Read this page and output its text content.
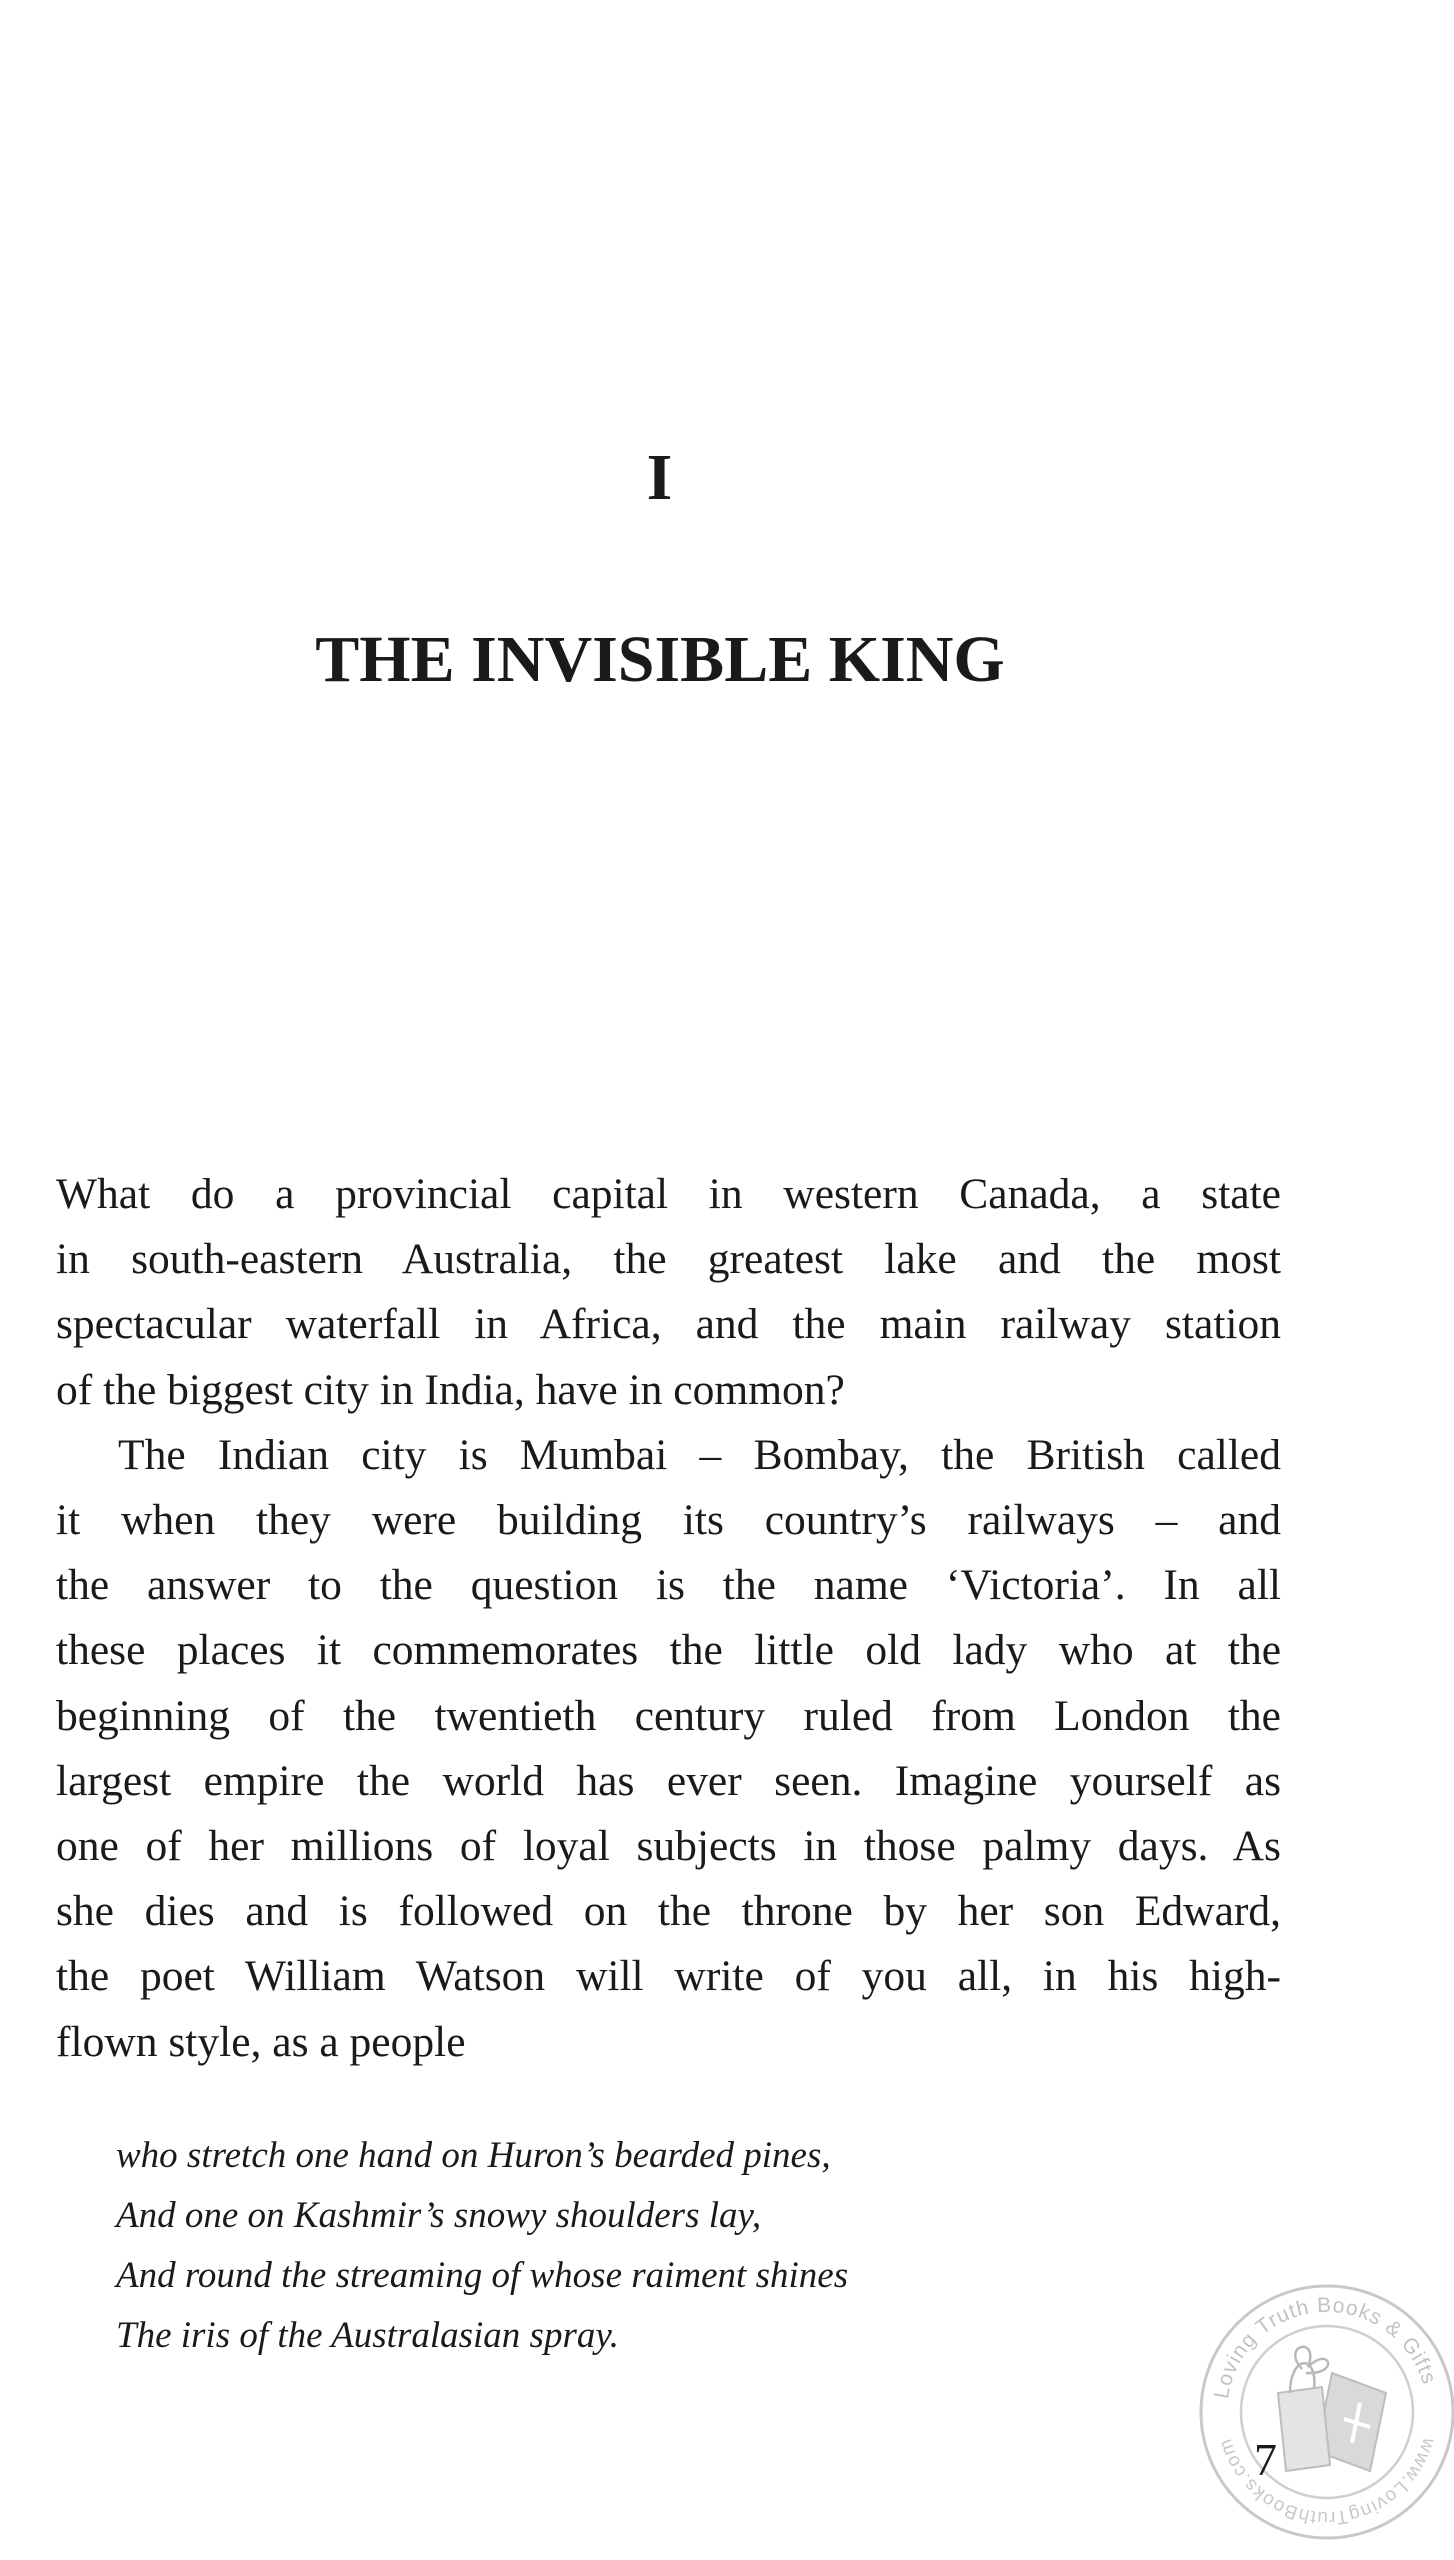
I
THE INVISIBLE KING
What do a provincial capital in western Canada, a state
in south-eastern Australia, the greatest lake and the most
spectacular waterfall in Africa, and the main railway station
of the biggest city in India, have in common?
The Indian city is Mumbai – Bombay, the British called
it when they were building its country’s railways – and
the answer to the question is the name ‘Victoria’. In all
these places it commemorates the little old lady who at the
beginning of the twentieth century ruled from London the
largest empire the world has ever seen. Imagine yourself as
one of her millions of loyal subjects in those palmy days. As
she dies and is followed on the throne by her son Edward,
the poet William Watson will write of you all, in his high-
flown style, as a people
who stretch one hand on Huron’s bearded pines,
And one on Kashmir’s snowy shoulders lay,
And round the streaming of whose raiment shines
The iris of the Australasian spray.
Loving Truth Books & Gifts
www.LovingTruthBooks.com 7
